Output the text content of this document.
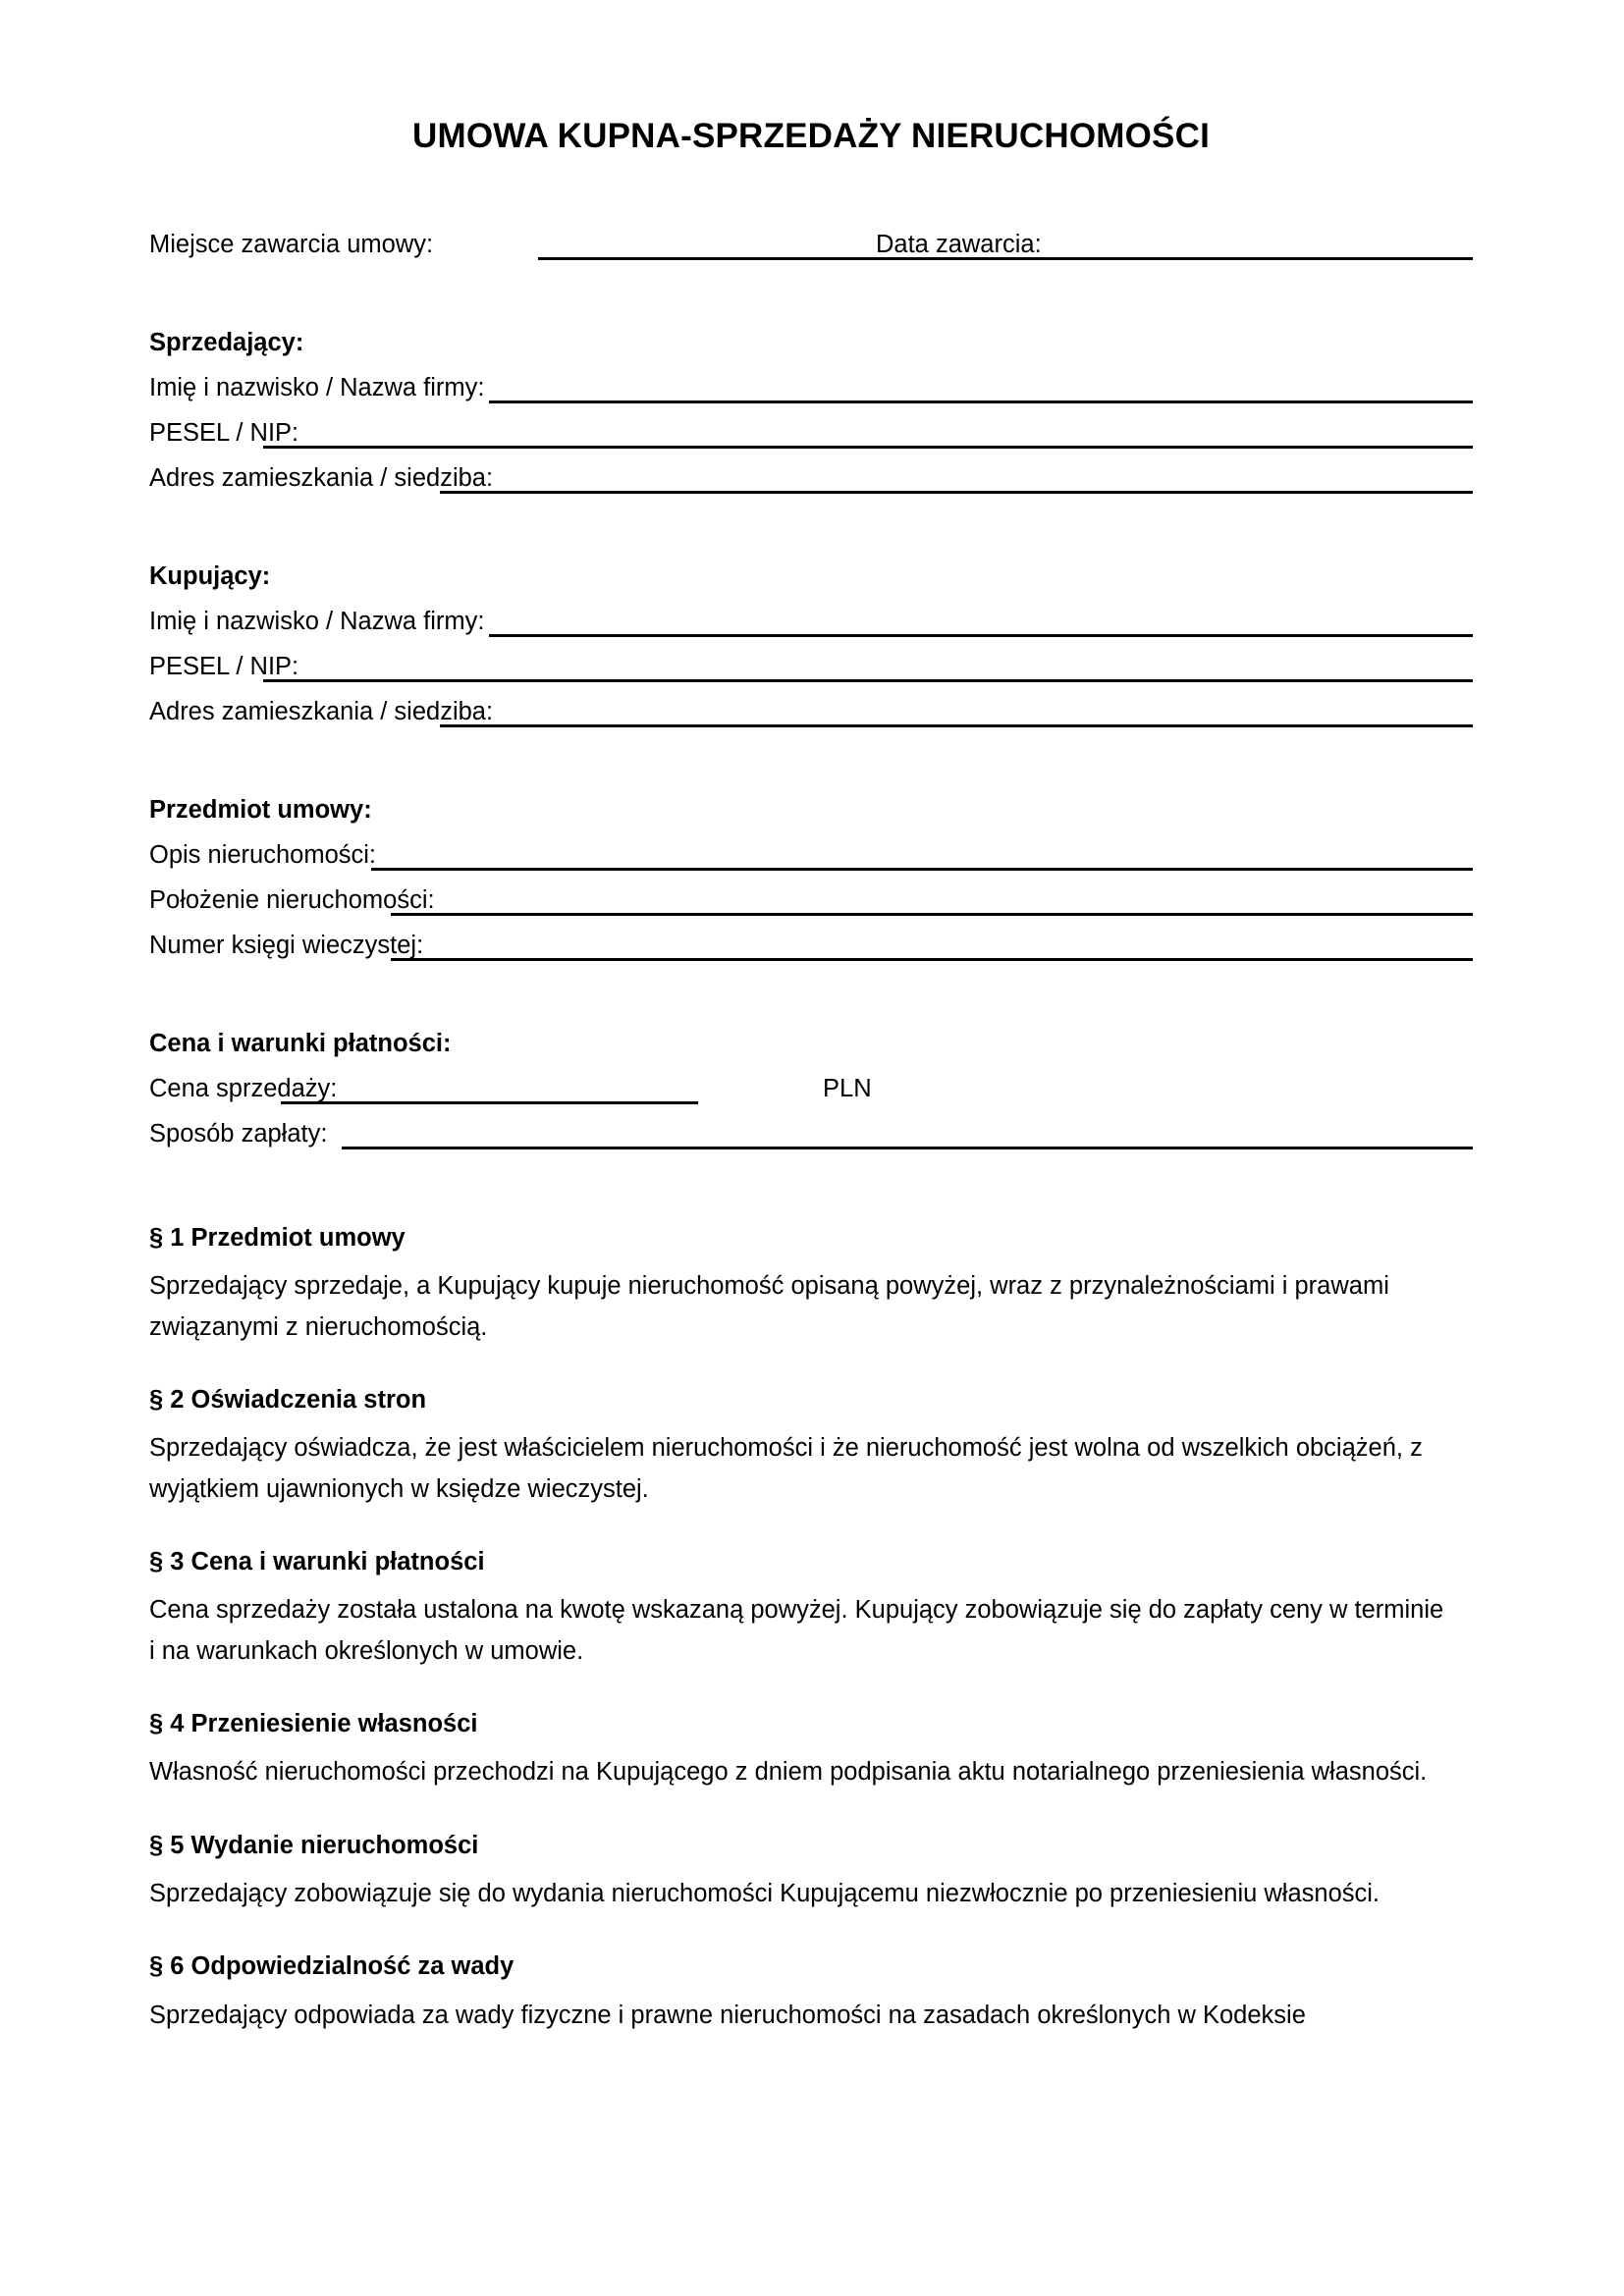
UMOWA KUPNA-SPRZEDAŻY NIERUCHOMOŚCI
Miejsce zawarcia umowy:	Data zawarcia:
Sprzedający:
Imię i nazwisko / Nazwa firmy:
PESEL / NIP:
Adres zamieszkania / siedziba:
Kupujący:
Imię i nazwisko / Nazwa firmy:
PESEL / NIP:
Adres zamieszkania / siedziba:
Przedmiot umowy:
Opis nieruchomości:
Położenie nieruchomości:
Numer księgi wieczystej:
Cena i warunki płatności:
Cena sprzedaży:	PLN
Sposób zapłaty:
§ 1 Przedmiot umowy

Sprzedający sprzedaje, a Kupujący kupuje nieruchomość opisaną powyżej, wraz z przynależnościami i prawami związanymi z nieruchomością.

§ 2 Oświadczenia stron

Sprzedający oświadcza, że jest właścicielem nieruchomości i że nieruchomość jest wolna od wszelkich obciążeń, z wyjątkiem ujawnionych w księdze wieczystej.

§ 3 Cena i warunki płatności

Cena sprzedaży została ustalona na kwotę wskazaną powyżej. Kupujący zobowiązuje się do zapłaty ceny w terminie i na warunkach określonych w umowie.

§ 4 Przeniesienie własności

Własność nieruchomości przechodzi na Kupującego z dniem podpisania aktu notarialnego przeniesienia własności.

§ 5 Wydanie nieruchomości

Sprzedający zobowiązuje się do wydania nieruchomości Kupującemu niezwłocznie po przeniesieniu własności.

§ 6 Odpowiedzialność za wady

Sprzedający odpowiada za wady fizyczne i prawne nieruchomości na zasadach określonych w Kodeksie
